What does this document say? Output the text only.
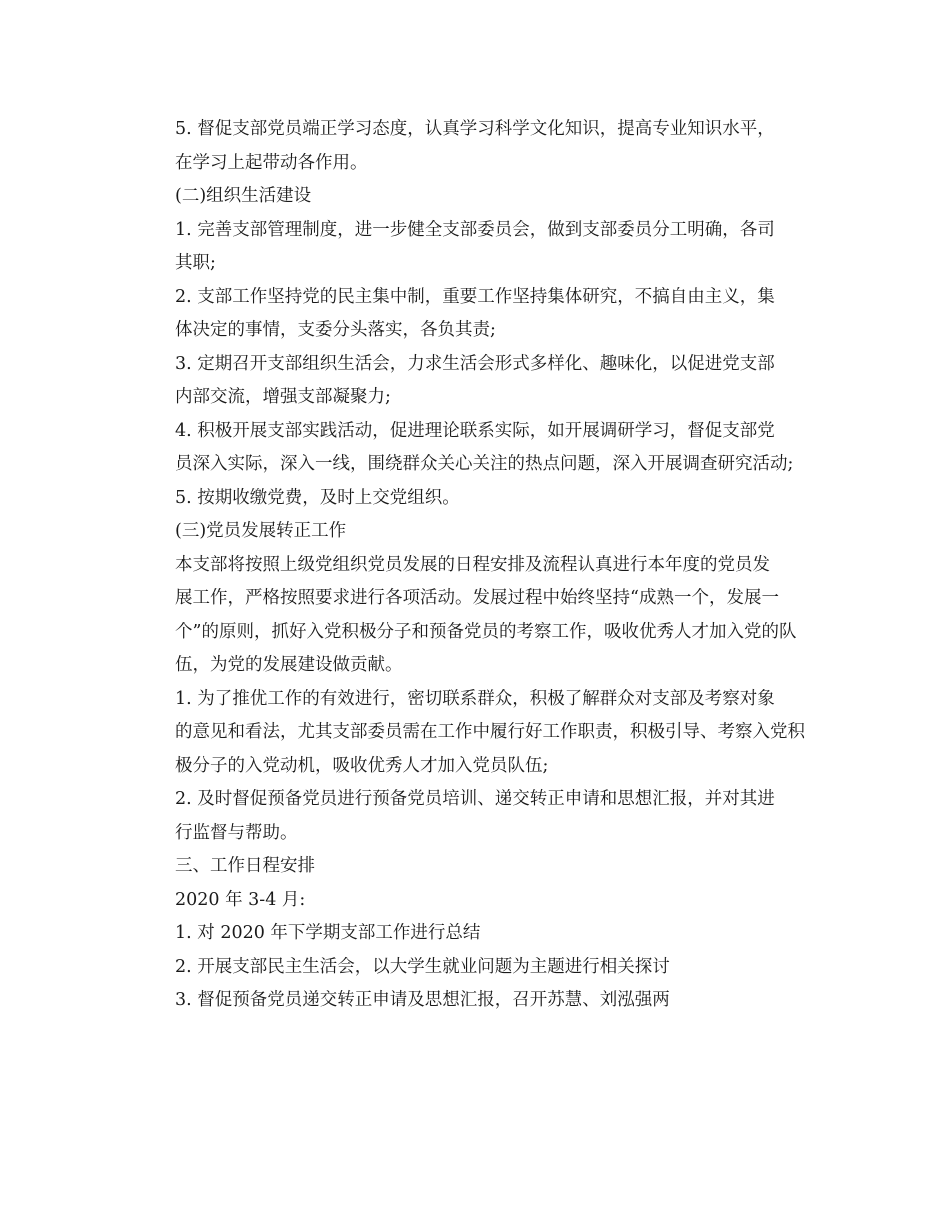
5. 督促支部党员端正学习态度，认真学习科学文化知识，提高专业知识水平，
在学习上起带动各作用。

(二)组织生活建设

1. 完善支部管理制度，进一步健全支部委员会，做到支部委员分工明确，各司
其职;

2. 支部工作坚持党的民主集中制，重要工作坚持集体研究，不搞自由主义，集
体决定的事情，支委分头落实，各负其责;

3. 定期召开支部组织生活会，力求生活会形式多样化、趣味化，以促进党支部
内部交流，增强支部凝聚力;

4. 积极开展支部实践活动，促进理论联系实际，如开展调研学习，督促支部党
员深入实际，深入一线，围绕群众关心关注的热点问题，深入开展调查研究活动;

5. 按期收缴党费，及时上交党组织。

(三)党员发展转正工作

本支部将按照上级党组织党员发展的日程安排及流程认真进行本年度的党员发
展工作，严格按照要求进行各项活动。发展过程中始终坚持“成熟一个，发展一
个”的原则，抓好入党积极分子和预备党员的考察工作，吸收优秀人才加入党的队
伍，为党的发展建设做贡献。

1. 为了推优工作的有效进行，密切联系群众，积极了解群众对支部及考察对象
的意见和看法，尤其支部委员需在工作中履行好工作职责，积极引导、考察入党积
极分子的入党动机，吸收优秀人才加入党员队伍;

2. 及时督促预备党员进行预备党员培训、递交转正申请和思想汇报，并对其进
行监督与帮助。

三、工作日程安排

2020 年 3-4 月:

1. 对 2020 年下学期支部工作进行总结

2. 开展支部民主生活会，以大学生就业问题为主题进行相关探讨

3. 督促预备党员递交转正申请及思想汇报，召开苏慧、刘泓强两
